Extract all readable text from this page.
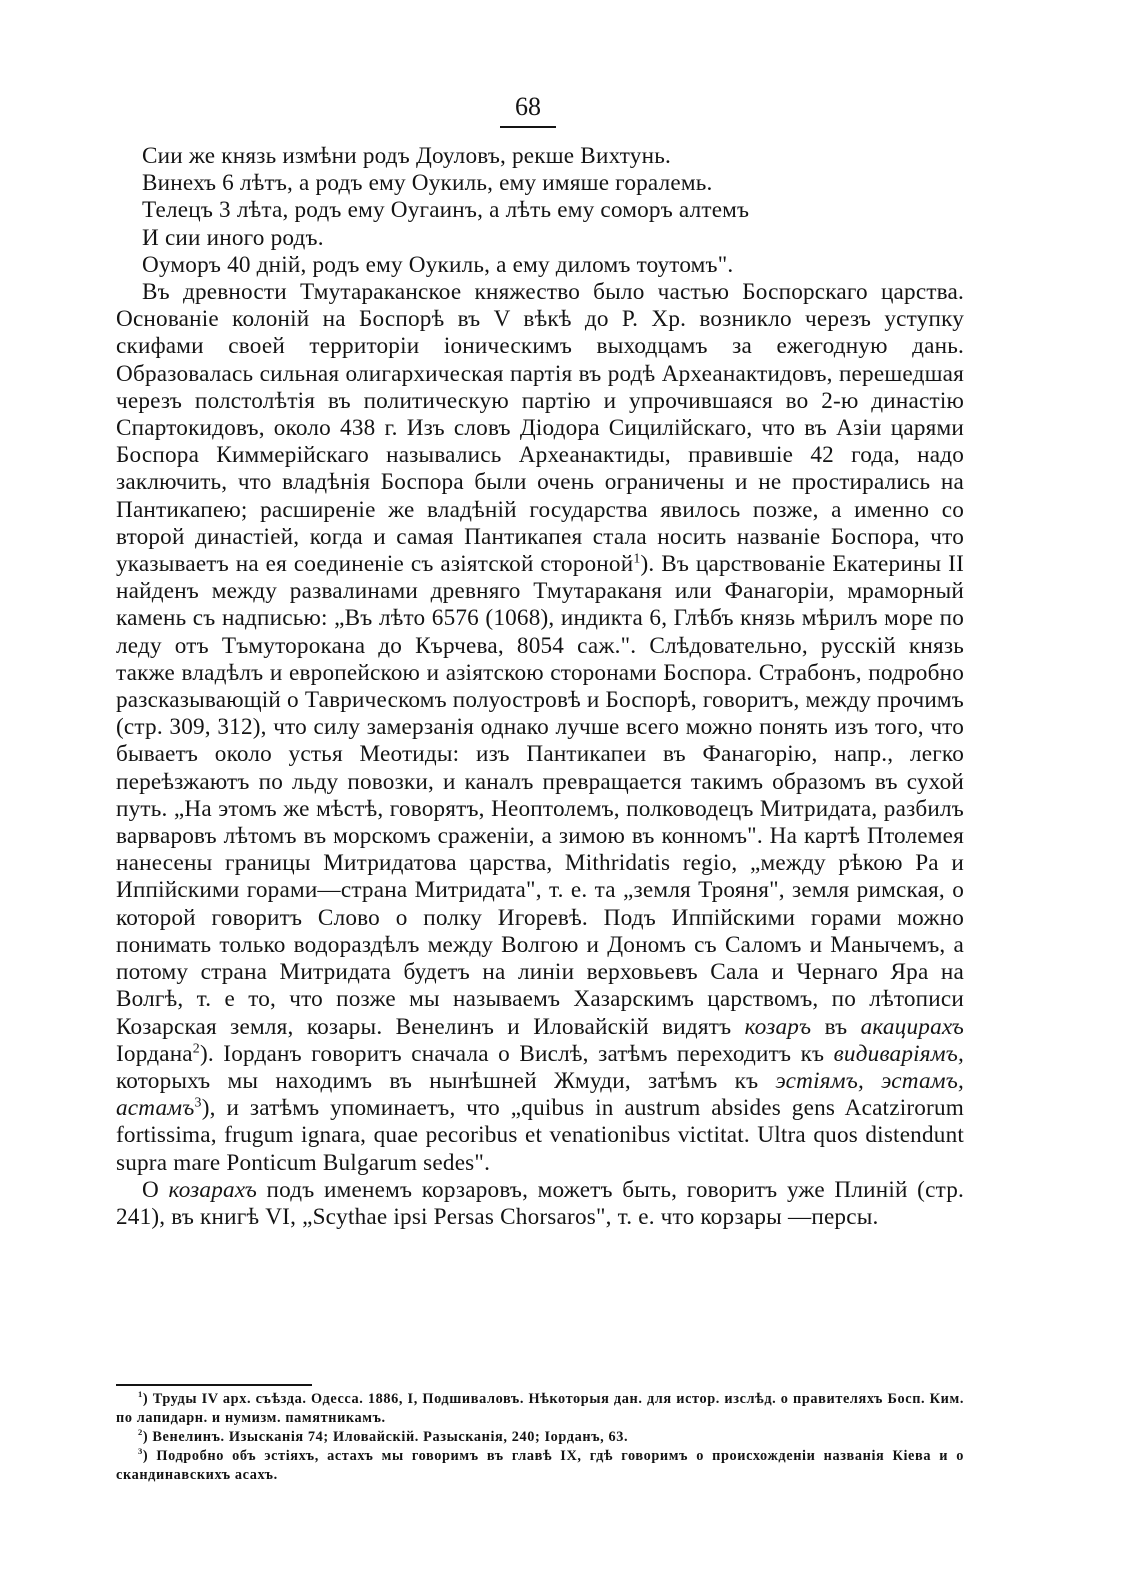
68

Сии же князь измѣни родъ Доуловъ, рекше Вихтунь.

Винехъ 6 лѣтъ, а родъ ему Оукиль, ему имяше горалемь.

Телецъ 3 лѣта, родъ ему Оугаинъ, а лѣть ему соморъ алтемъ

И сии иного родъ.

Оуморъ 40 дній, родъ ему Оукиль, а ему диломъ тоутомъ".

Въ древности Тмутараканское княжество было частью Боспорскаго царства. Основаніе колоній на Боспорѣ въ V вѣкѣ до Р. Хр. возникло черезъ уступку скифами своей территоріи іоническимъ выходцамъ за ежегодную дань. Образовалась сильная олигархическая партія въ родѣ Археанактидовъ, перешедшая черезъ полстолѣтія въ политическую партію и упрочившаяся во 2-ю династію Спартокидовъ, около 438 г. Изъ словъ Діодора Сицилійскаго, что въ Азіи царями Боспора Киммерійскаго назывались Археанактиды, правившіе 42 года, надо заключить, что владѣнія Боспора были очень ограничены и не простирались на Пантикапею; расширеніе же владѣній государства явилось позже, а именно со второй династіей, когда и самая Пантикапея стала носить названіе Боспора, что указываетъ на ея соединеніе съ азіятской стороной$^1$). Въ царствованіе Екатерины II найденъ между развалинами древняго Тмутараканя или Фанагоріи, мраморный камень съ надписью: „Въ лѣто 6576 (1068), индикта 6, Глѣбъ князь мѣрилъ море по леду отъ Тъмуторокана до Кърчева, 8054 саж.". Слѣдовательно, русскій князь также владѣлъ и европейскою и азіятскою сторонами Боспора. Страбонъ, подробно разсказывающій о Таврическомъ полуостровѣ и Боспорѣ, говоритъ, между прочимъ (стр. 309, 312), что силу замерзанія однако лучше всего можно понять изъ того, что бываетъ около устья Меотиды: изъ Пантикапеи въ Фанагорію, напр., легко переѣзжаютъ по льду повозки, и каналъ превращается такимъ образомъ въ сухой путь. „На этомъ же мѣстѣ, говорятъ, Неоптолемъ, полководецъ Митридата, разбилъ варваровъ лѣтомъ въ морскомъ сраженіи, а зимою въ конномъ". На картѣ Птолемея нанесены границы Митридатова царства, Mithridatis regio, „между рѣкою Ра и Иппійскими горами—страна Митридата", т. е. та „земля Трояня", земля римская, о которой говоритъ Слово о полку Игоревѣ. Подъ Иппійскими горами можно понимать только водораздѣлъ между Волгою и Дономъ съ Саломъ и Манычемъ, а потому страна Митридата будетъ на линіи верховьевъ Сала и Чернаго Яра на Волгѣ, т. е то, что позже мы называемъ Хазарскимъ царствомъ, по лѣтописи Козарская земля, козары. Венелинъ и Иловайскій видятъ козаръ въ акацирахъ Іордана$^2$). Іорданъ говоритъ сначала о Вислѣ, затѣмъ переходитъ къ видиваріямъ, которыхъ мы находимъ въ нынѣшней Жмуди, затѣмъ къ эстіямъ, эстамъ, астамъ$^3$), и затѣмъ упоминаетъ, что „quibus in austrum absides gens Acatzirorum fortissima, frugum ignara, quae pecoribus et venationibus victitat. Ultra quos distendunt supra mare Ponticum Bulgarum sedes".

О козарахъ подъ именемъ корзаровъ, можетъ быть, говоритъ уже Плиній (стр. 241), въ книгѣ VI, „Scythae ipsi Persas Chorsaros", т. е. что корзары —персы.

$^1$) Труды IV арх. съѣзда. Одесса. 1886, I, Подшиваловъ. Нѣкоторыя дан. для истор. изслѣд. о правителяхъ Босп. Ким. по лапидарн. и нумизм. памятникамъ.

$^2$) Венелинъ. Изысканія 74; Иловайскій. Разысканія, 240; Іорданъ, 63.

$^3$) Подробно объ эстіяхъ, астахъ мы говоримъ въ главѣ IX, гдѣ говоримъ о происхожденіи названія Кіева и о скандинавскихъ асахъ.
